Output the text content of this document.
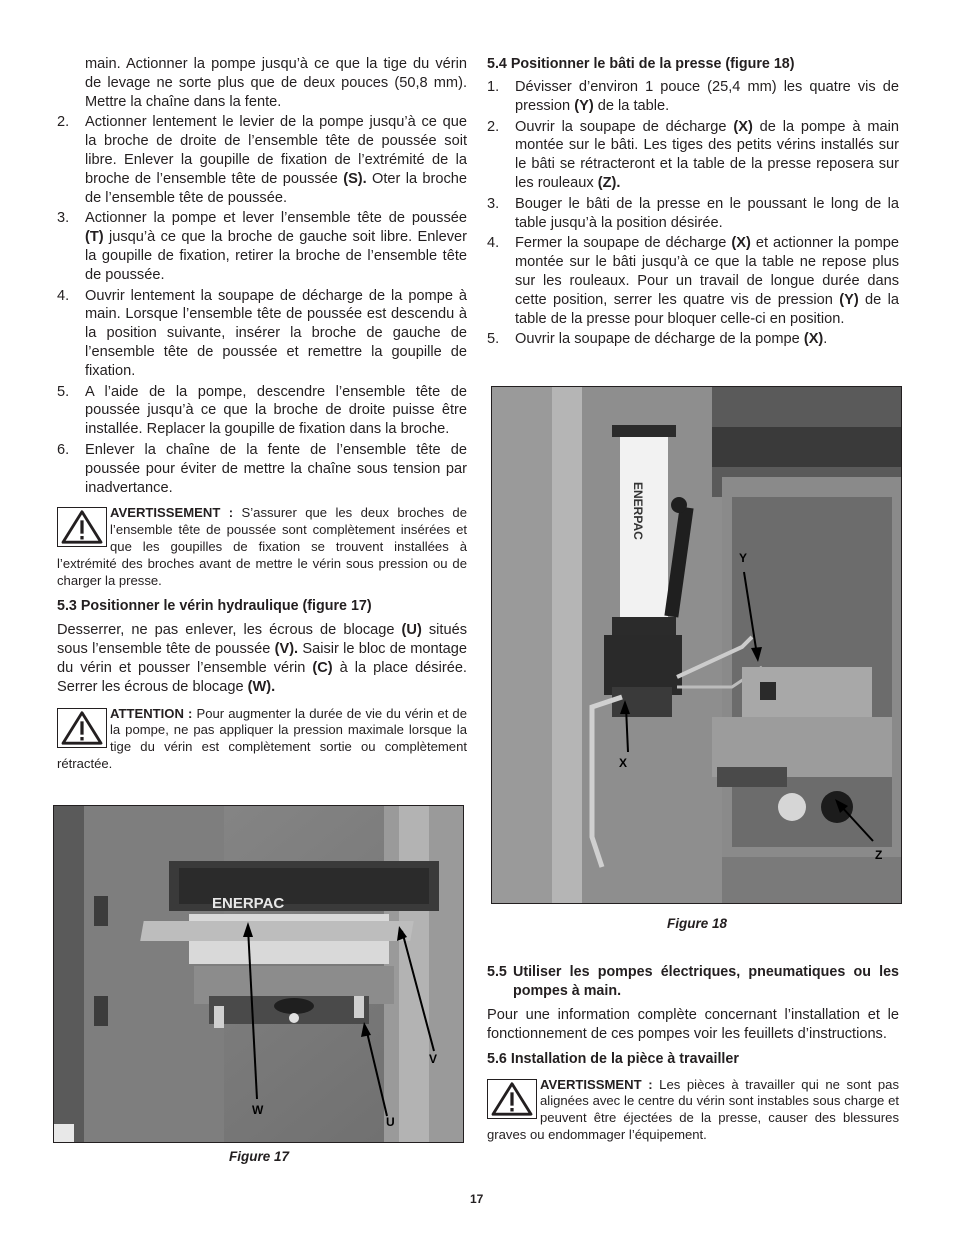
main. Actionner la pompe jusqu’à ce que la tige du vérin de levage ne sorte plus que de deux pouces (50,8 mm). Mettre la chaîne dans la fente.

2. Actionner lentement le levier de la pompe jusqu’à ce que la broche de droite de l’ensemble tête de poussée soit libre. Enlever la goupille de fixation de l’extrémité de la broche de l’ensemble tête de poussée (S). Oter la broche de l’ensemble tête de poussée.
3. Actionner la pompe et lever l’ensemble tête de poussée (T) jusqu’à ce que la broche de gauche soit libre. Enlever la goupille de fixation, retirer la broche de l’ensemble tête de poussée.
4. Ouvrir lentement la soupape de décharge de la pompe à main. Lorsque l’ensemble tête de poussée est descendu à la position suivante, insérer la broche de gauche de l’ensemble tête de poussée et remettre la goupille de fixation.
5. A l’aide de la pompe, descendre l’ensemble tête de poussée jusqu’à ce que la broche de droite puisse être installée. Replacer la goupille de fixation dans la broche.
6. Enlever la chaîne de la fente de l’ensemble tête de poussée pour éviter de mettre la chaîne sous tension par inadvertance.
AVERTISSEMENT : S’assurer que les deux broches de l’ensemble tête de poussée sont complètement insérées et que les goupilles de fixation se trouvent installées à l’extrémité des broches avant de mettre le vérin sous pression ou de charger la presse.
5.3 Positionner le vérin hydraulique (figure 17)

Desserrer, ne pas enlever, les écrous de blocage (U) situés sous l’ensemble tête de poussée (V). Saisir le bloc de montage du vérin et pousser l’ensemble vérin (C) à la place désirée. Serrer les écrous de blocage (W).

ATTENTION : Pour augmenter la durée de vie du vérin et de la pompe, ne pas appliquer la pression maximale lorsque la tige du vérin est complètement sortie ou complètement rétractée.
ENERPAC
V
W
U
Figure 17
5.4 Positionner le bâti de la presse (figure 18)
1. Dévisser d’environ 1 pouce (25,4 mm) les quatre vis de pression (Y) de la table.
2. Ouvrir la soupape de décharge (X) de la pompe à main montée sur le bâti. Les tiges des petits vérins installés sur le bâti se rétracteront et la table de la presse reposera sur les rouleaux (Z).
3. Bouger le bâti de la presse en le poussant le long de la table jusqu’à la position désirée.
4. Fermer la soupape de décharge (X) et actionner la pompe montée sur le bâti jusqu’à ce que la table ne repose plus sur les rouleaux. Pour un travail de longue durée dans cette position, serrer les quatre vis de pression (Y) de la table de la presse pour bloquer celle-ci en position.
5. Ouvrir la soupape de décharge de la pompe (X).
ENERPAC
Y
X
Z
Figure 18
5.5 Utiliser les pompes électriques, pneumatiques ou les pompes à main.

Pour une information complète concernant l’installation et le fonctionnement de ces pompes voir les feuillets d’instructions.

5.6 Installation de la pièce à travailler
AVERTISSMENT : Les pièces à travailler qui ne sont pas alignées avec le centre du vérin sont instables sous charge et peuvent être éjectées de la presse, causer des blessures graves ou endommager l’équipement.
17
